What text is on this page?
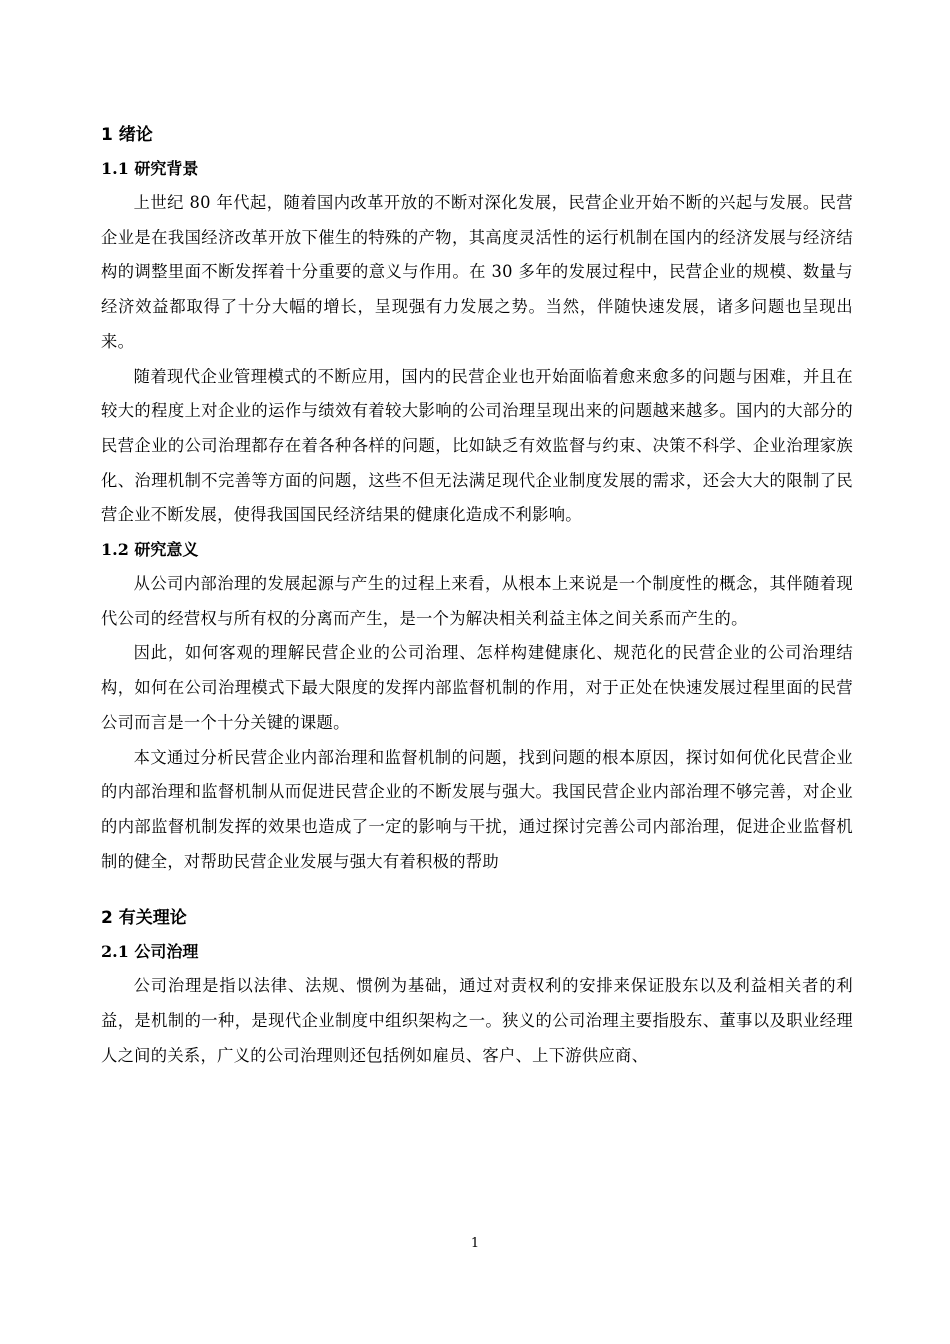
1 绪论
1.1 研究背景

上世纪 80 年代起，随着国内改革开放的不断对深化发展，民营企业开始不断的兴起与发展。民营企业是在我国经济改革开放下催生的特殊的产物，其高度灵活性的运行机制在国内的经济发展与经济结构的调整里面不断发挥着十分重要的意义与作用。在 30 多年的发展过程中，民营企业的规模、数量与经济效益都取得了十分大幅的增长，呈现强有力发展之势。当然，伴随快速发展，诸多问题也呈现出来。

随着现代企业管理模式的不断应用，国内的民营企业也开始面临着愈来愈多的问题与困难，并且在较大的程度上对企业的运作与绩效有着较大影响的公司治理呈现出来的问题越来越多。国内的大部分的民营企业的公司治理都存在着各种各样的问题，比如缺乏有效监督与约束、决策不科学、企业治理家族化、治理机制不完善等方面的问题，这些不但无法满足现代企业制度发展的需求，还会大大的限制了民营企业不断发展，使得我国国民经济结果的健康化造成不利影响。

1.2 研究意义

从公司内部治理的发展起源与产生的过程上来看，从根本上来说是一个制度性的概念，其伴随着现代公司的经营权与所有权的分离而产生，是一个为解决相关利益主体之间关系而产生的。

因此，如何客观的理解民营企业的公司治理、怎样构建健康化、规范化的民营企业的公司治理结构，如何在公司治理模式下最大限度的发挥内部监督机制的作用，对于正处在快速发展过程里面的民营公司而言是一个十分关键的课题。

本文通过分析民营企业内部治理和监督机制的问题，找到问题的根本原因，探讨如何优化民营企业的内部治理和监督机制从而促进民营企业的不断发展与强大。我国民营企业内部治理不够完善，对企业的内部监督机制发挥的效果也造成了一定的影响与干扰，通过探讨完善公司内部治理，促进企业监督机制的健全，对帮助民营企业发展与强大有着积极的帮助

2 有关理论
2.1 公司治理

公司治理是指以法律、法规、惯例为基础，通过对责权利的安排来保证股东以及利益相关者的利益，是机制的一种，是现代企业制度中组织架构之一。狭义的公司治理主要指股东、董事以及职业经理人之间的关系，广义的公司治理则还包括例如雇员、客户、上下游供应商、

1
